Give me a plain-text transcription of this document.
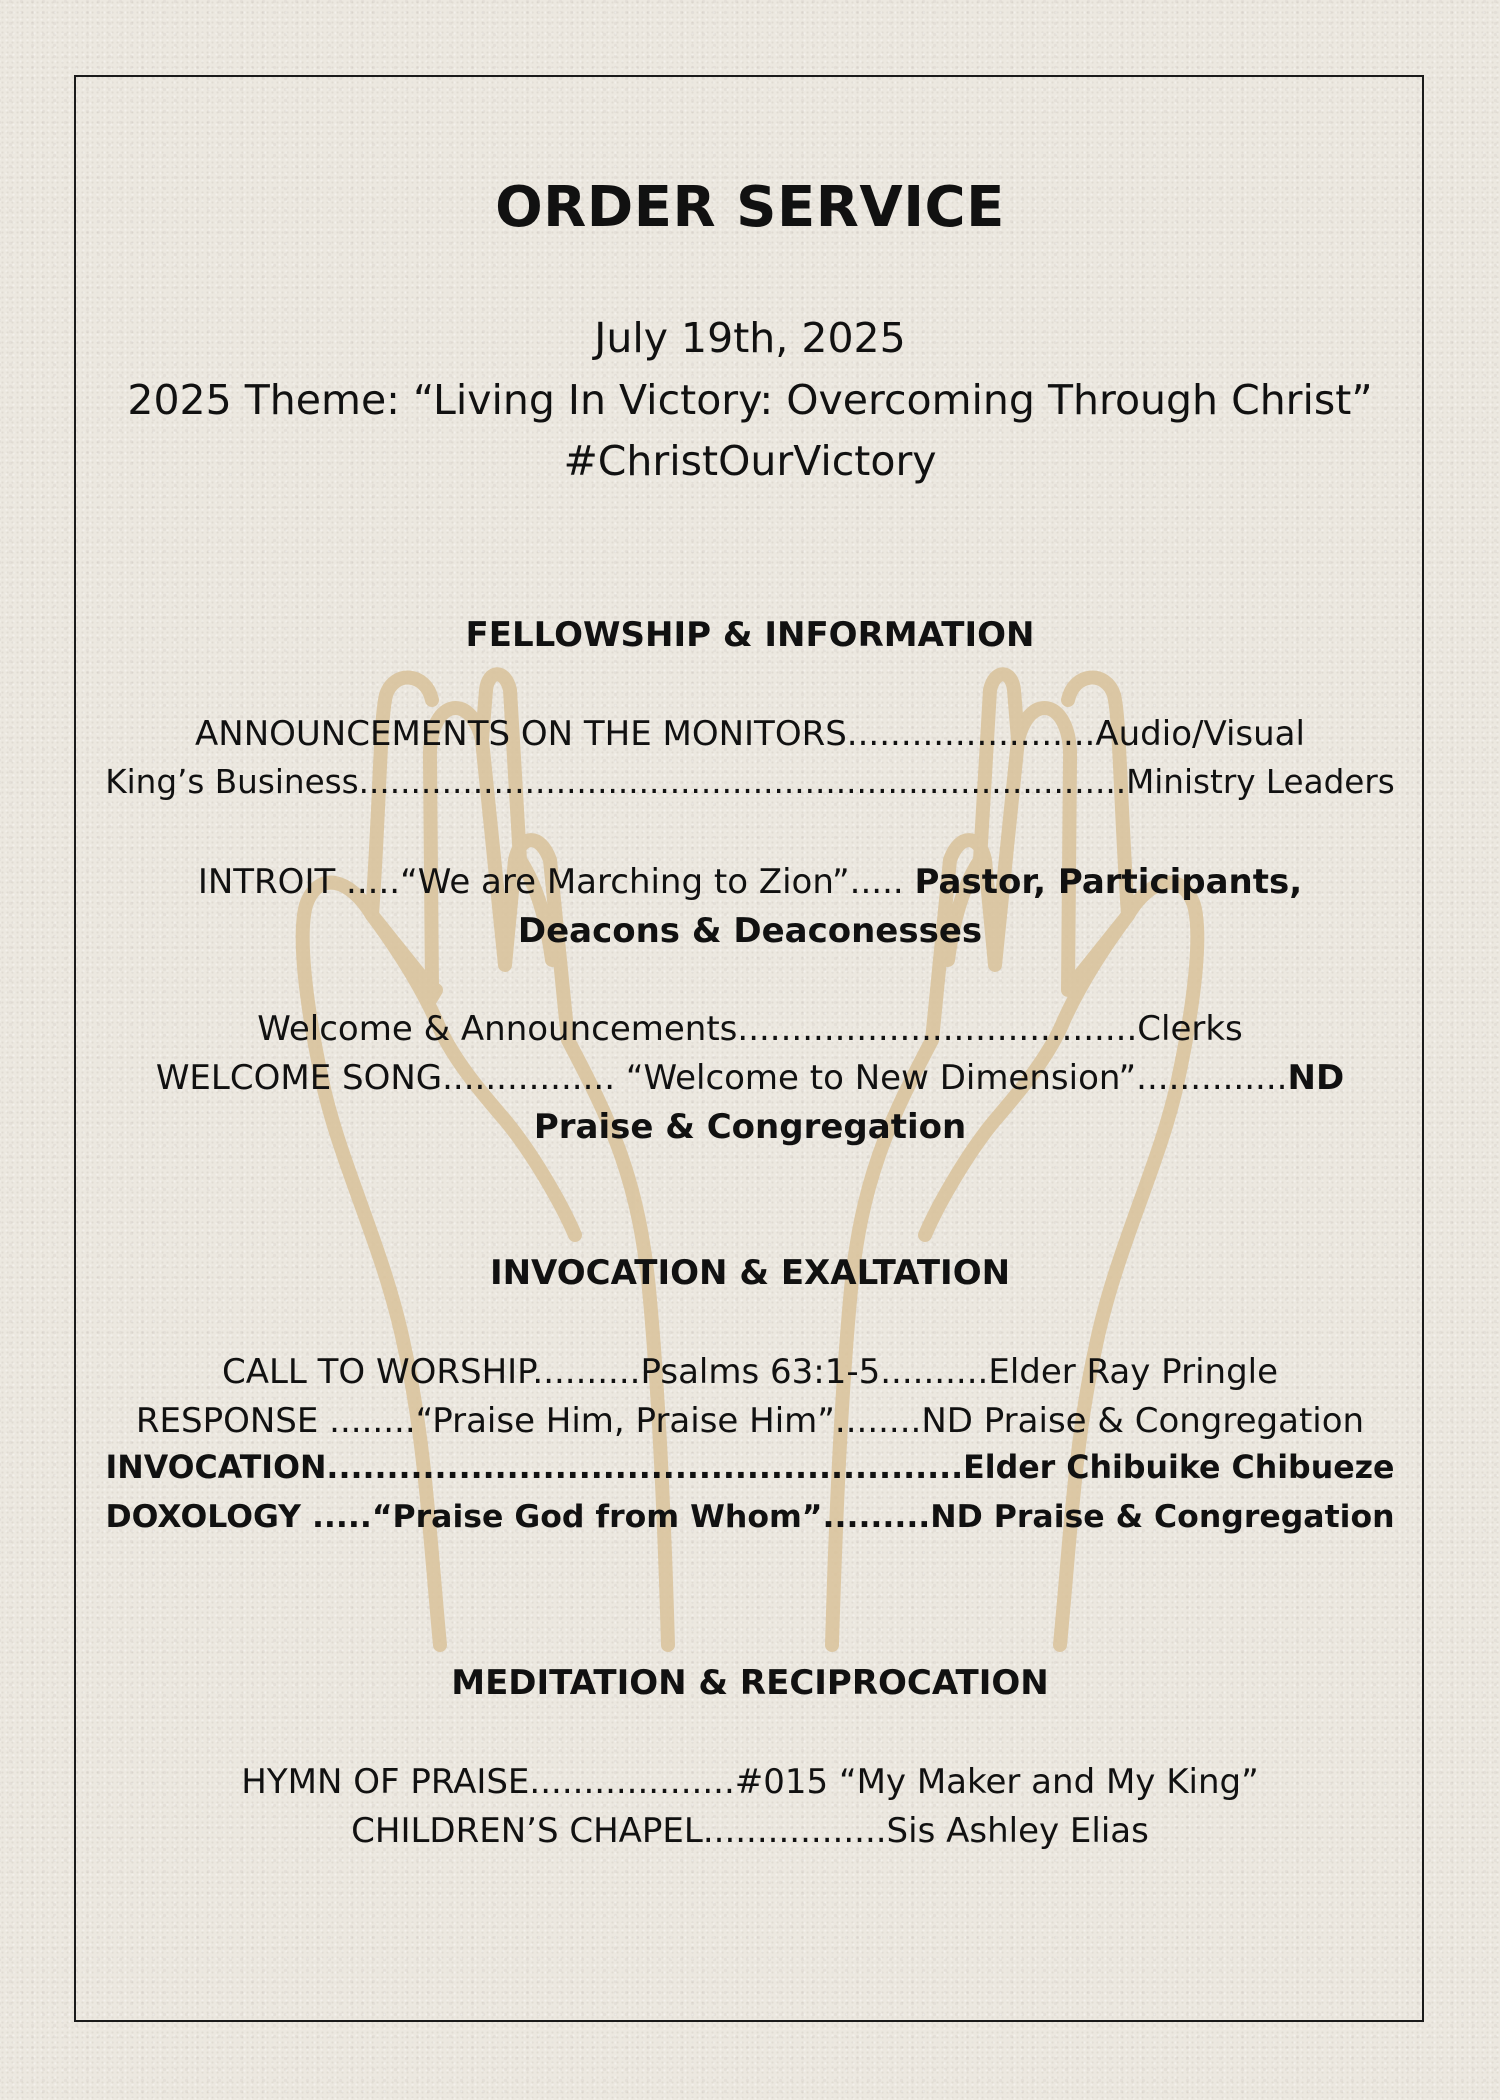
ORDER SERVICE
July 19th, 2025
2025 Theme: “Living In Victory: Overcoming Through Christ”
#ChristOurVictory
FELLOWSHIP & INFORMATION
ANNOUNCEMENTS ON THE MONITORS.......................Audio/Visual
King’s Business..........................................................................Ministry Leaders
INTROIT .....“We are Marching to Zion”..... Pastor, Participants,
Deacons & Deaconesses
Welcome & Announcements.....................................Clerks
WELCOME SONG................ “Welcome to New Dimension”..............ND
Praise & Congregation
INVOCATION & EXALTATION
CALL TO WORSHIP..........Psalms 63:1-5..........Elder Ray Pringle
RESPONSE ........“Praise Him, Praise Him”........ND Praise & Congregation
INVOCATION.....................................................Elder Chibuike Chibueze
DOXOLOGY .....“Praise God from Whom”.........ND Praise & Congregation
MEDITATION & RECIPROCATION
HYMN OF PRAISE...................#015 “My Maker and My King”
CHILDREN’S CHAPEL.................Sis Ashley Elias
